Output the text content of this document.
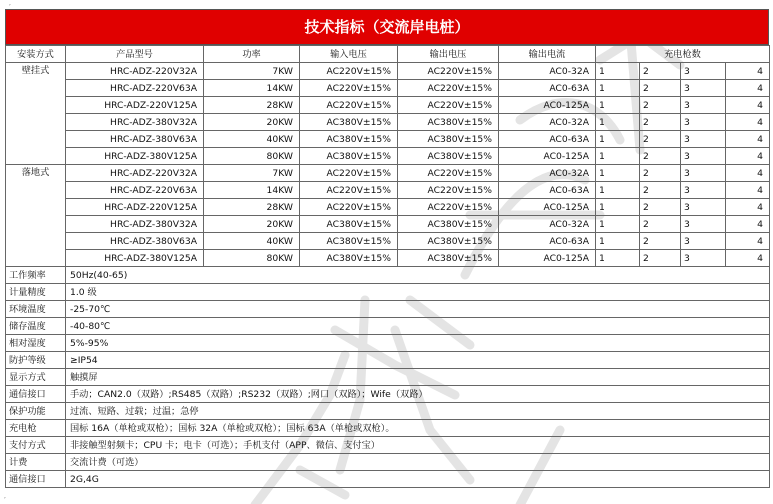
,
技术指标（交流岸电桩）
安装方式	产品型号	功率	输入电压	输出电压	输出电流	充电枪数			
壁挂式	HRC-ADZ-220V32A	7KW	AC220V±15%	AC220V±15%	AC0-32A	1	2	3	4
	HRC-ADZ-220V63A	14KW	AC220V±15%	AC220V±15%	AC0-63A	1	2	3	4
	HRC-ADZ-220V125A	28KW	AC220V±15%	AC220V±15%	AC0-125A	1	2	3	4
	HRC-ADZ-380V32A	20KW	AC380V±15%	AC380V±15%	AC0-32A	1	2	3	4
	HRC-ADZ-380V63A	40KW	AC380V±15%	AC380V±15%	AC0-63A	1	2	3	4
	HRC-ADZ-380V125A	80KW	AC380V±15%	AC380V±15%	AC0-125A	1	2	3	4
落地式	HRC-ADZ-220V32A	7KW	AC220V±15%	AC220V±15%	AC0-32A	1	2	3	4
	HRC-ADZ-220V63A	14KW	AC220V±15%	AC220V±15%	AC0-63A	1	2	3	4
	HRC-ADZ-220V125A	28KW	AC220V±15%	AC220V±15%	AC0-125A	1	2	3	4
	HRC-ADZ-380V32A	20KW	AC380V±15%	AC380V±15%	AC0-32A	1	2	3	4
	HRC-ADZ-380V63A	40KW	AC380V±15%	AC380V±15%	AC0-63A	1	2	3	4
	HRC-ADZ-380V125A	80KW	AC380V±15%	AC380V±15%	AC0-125A	1	2	3	4
工作频率	50Hz(40-65)								
计量精度	1.0 级								
环境温度	-25-70℃								
储存温度	-40-80℃								
相对湿度	5%-95%								
防护等级	≥IP54								
显示方式	触摸屏								
通信接口	手动；CAN2.0（双路）;RS485（双路）;RS232（双路）;网口（双路）；Wife（双路）								
保护功能	过流、短路、过载；过温；急停								
充电枪	国标 16A（单枪或双枪）；国标 32A（单枪或双枪）；国标 63A（单枪或双枪）。								
支付方式	非接触型射频卡；CPU 卡；电卡（可选）；手机支付（APP、微信、支付宝）								
计费	交流计费（可选）								
通信接口	2G,4G								
,
